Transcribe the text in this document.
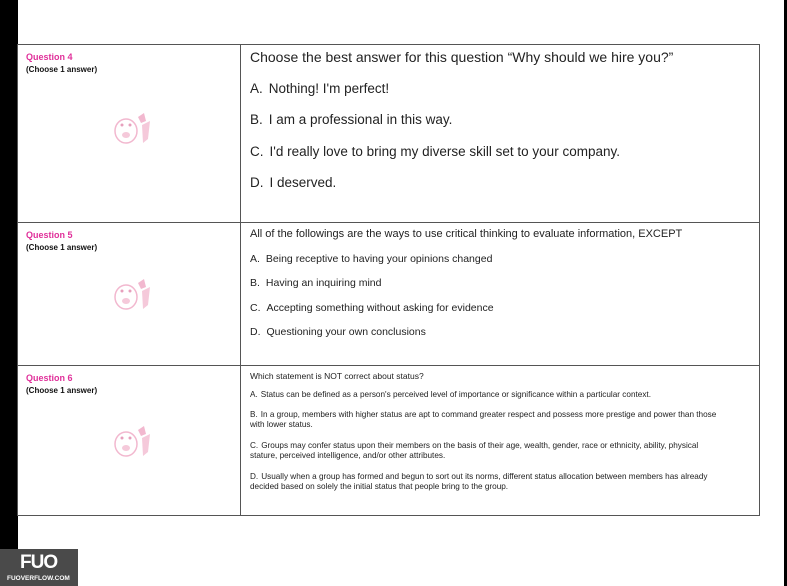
Question 4
(Choose 1 answer)
Choose the best answer for this question “Why should we hire you?”
A. Nothing! I'm perfect!
B. I am a professional in this way.
C. I'd really love to bring my diverse skill set to your company.
D. I deserved.
Question 5
(Choose 1 answer)
All of the followings are the ways to use critical thinking to evaluate information, EXCEPT
A. Being receptive to having your opinions changed
B. Having an inquiring mind
C. Accepting something without asking for evidence
D. Questioning your own conclusions
Question 6
(Choose 1 answer)
Which statement is NOT correct about status?
A. Status can be defined as a person's perceived level of importance or significance within a particular context.
B. In a group, members with higher status are apt to command greater respect and possess more prestige and power than those with lower status.
C. Groups may confer status upon their members on the basis of their age, wealth, gender, race or ethnicity, ability, physical stature, perceived intelligence, and/or other attributes.
D. Usually when a group has formed and begun to sort out its norms, different status allocation between members has already decided based on solely the initial status that people bring to the group.
FUO
FUOVERFLOW.COM
